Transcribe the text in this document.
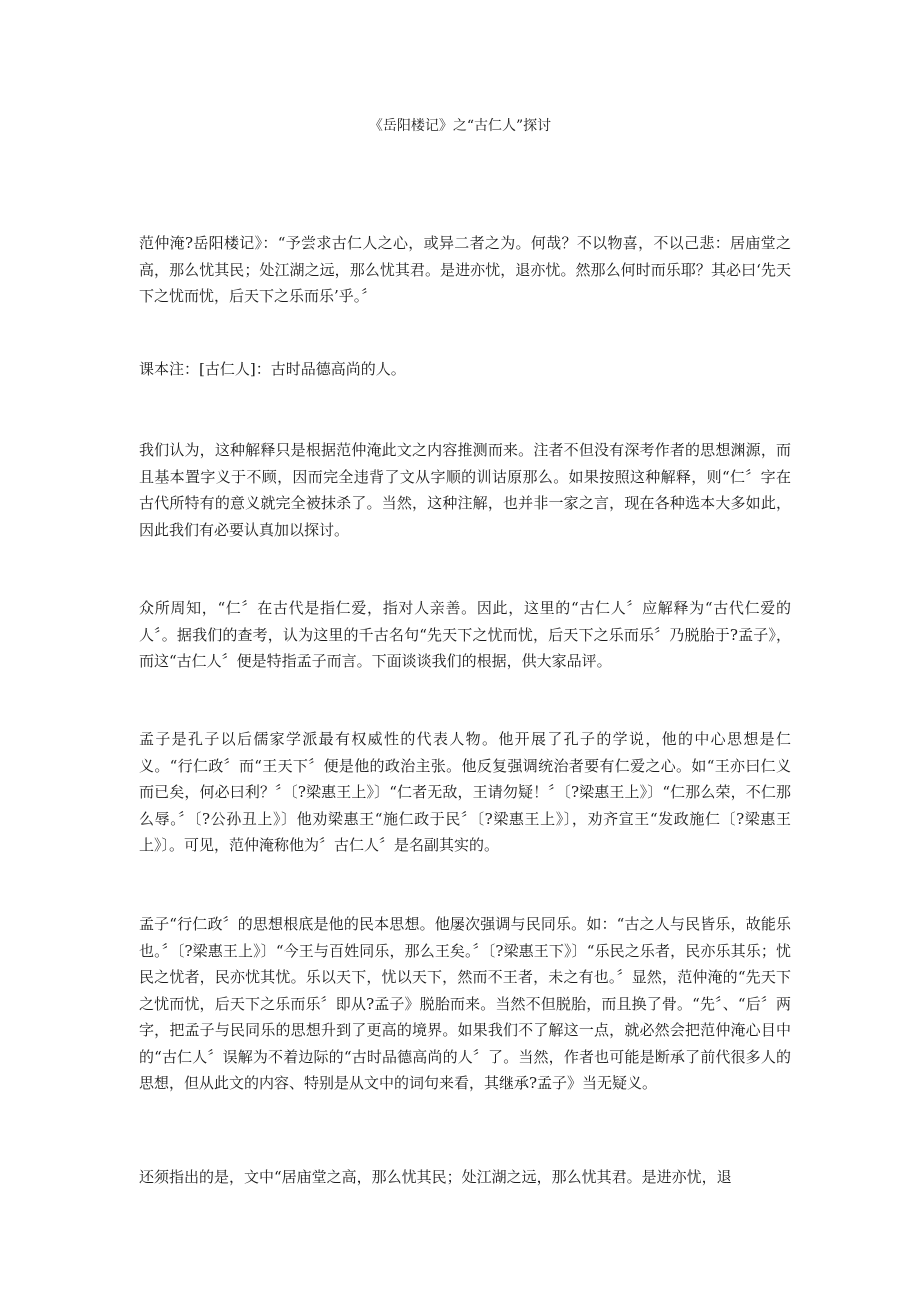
《岳阳楼记》之“古仁人”探讨

范仲淹?岳阳楼记》：“予尝求古仁人之心，或异二者之为。何哉？不以物喜，不以己悲：居庙堂之高，那么忧其民；处江湖之远，那么忧其君。是进亦忧，退亦忧。然那么何时而乐耶？其必曰‘先天下之忧而忧，后天下之乐而乐’乎。〞

课本注：[古仁人]：古时品德高尚的人。

我们认为，这种解释只是根据范仲淹此文之内容推测而来。注者不但没有深考作者的思想渊源，而且基本置字义于不顾，因而完全违背了文从字顺的训诂原那么。如果按照这种解释，则“仁〞字在古代所特有的意义就完全被抹杀了。当然，这种注解，也并非一家之言，现在各种选本大多如此，因此我们有必要认真加以探讨。

众所周知，“仁〞在古代是指仁爱，指对人亲善。因此，这里的“古仁人〞应解释为“古代仁爱的人〞。据我们的查考，认为这里的千古名句“先天下之忧而忧，后天下之乐而乐〞乃脱胎于?孟子》，而这“古仁人〞便是特指孟子而言。下面谈谈我们的根据，供大家品评。

孟子是孔子以后儒家学派最有权威性的代表人物。他开展了孔子的学说，他的中心思想是仁义。“行仁政〞而“王天下〞便是他的政治主张。他反复强调统治者要有仁爱之心。如“王亦曰仁义而已矣，何必曰利？〞〔?梁惠王上》〕“仁者无敌，王请勿疑！〞〔?梁惠王上》〕“仁那么荣，不仁那么辱。〞〔?公孙丑上》〕他劝梁惠王“施仁政于民〞〔?梁惠王上》〕，劝齐宣王“发政施仁〔?梁惠王上》〕。可见，范仲淹称他为〞古仁人〞是名副其实的。

孟子“行仁政〞的思想根底是他的民本思想。他屡次强调与民同乐。如：“古之人与民皆乐，故能乐也。〞〔?梁惠王上》〕“今王与百姓同乐，那么王矣。〞〔?梁惠王下》〕“乐民之乐者，民亦乐其乐；忧民之忧者，民亦忧其忧。乐以天下，忧以天下，然而不王者，未之有也。〞显然，范仲淹的“先天下之忧而忧，后天下之乐而乐〞即从?孟子》脱胎而来。当然不但脱胎，而且换了骨。“先〞、“后〞两字，把孟子与民同乐的思想升到了更高的境界。如果我们不了解这一点，就必然会把范仲淹心目中的“古仁人〞误解为不着边际的“古时品德高尚的人〞了。当然，作者也可能是断承了前代很多人的思想，但从此文的内容、特别是从文中的词句来看，其继承?孟子》当无疑义。

还须指出的是，文中“居庙堂之高，那么忧其民；处江湖之远，那么忧其君。是进亦忧，退
